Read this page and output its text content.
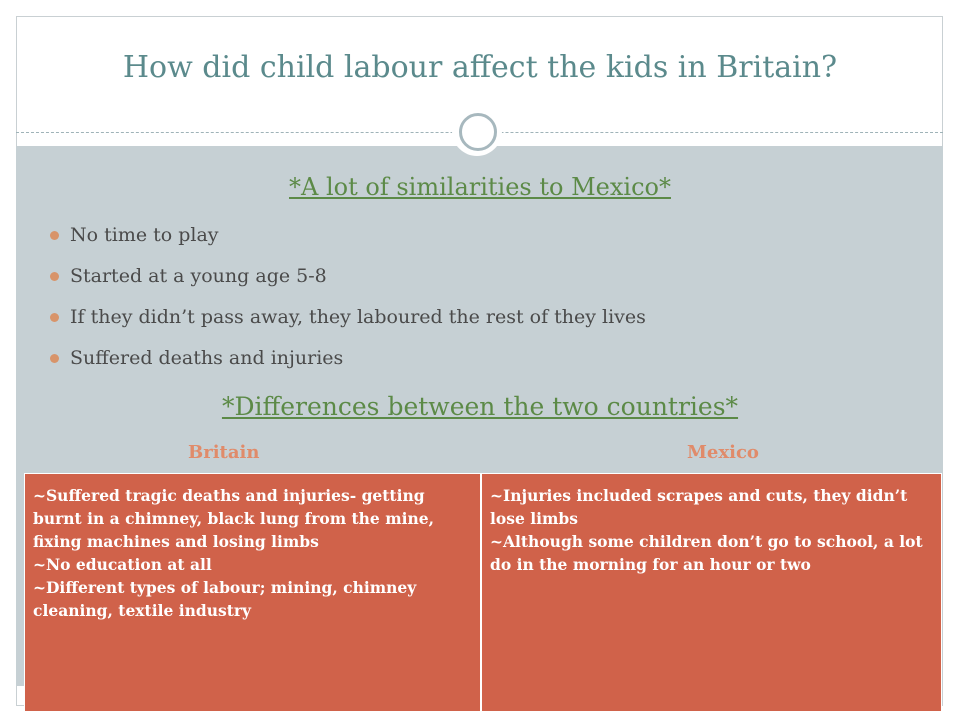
How did child labour affect the kids in Britain?
*A lot of similarities to Mexico*
No time to play
Started at a young age 5-8
If they didn’t pass away, they laboured the rest of they lives
Suffered deaths and injuries
*Differences between the two countries*
Britain	Mexico

~Suffered tragic deaths and injuries- getting burnt in a chimney, black lung from the mine, fixing machines and losing limbs

~No education at all

~Different types of labour; mining, chimney cleaning, textile industry

~Injuries included scrapes and cuts, they didn’t lose limbs

~Although some children don’t go to school, a lot do in the morning for an hour or two
